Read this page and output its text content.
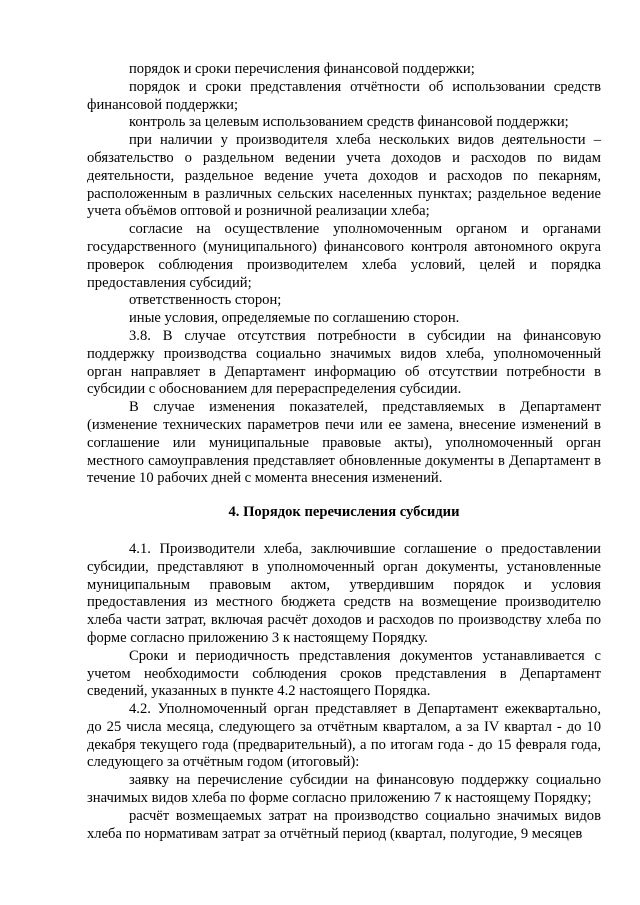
порядок и сроки перечисления финансовой поддержки;

порядок и сроки представления отчётности об использовании средств финансовой поддержки;

контроль за целевым использованием средств финансовой поддержки;

при наличии у производителя хлеба нескольких видов деятельности – обязательство о раздельном ведении учета доходов и расходов по видам деятельности, раздельное ведение учета доходов и расходов по пекарням, расположенным в различных сельских населенных пунктах; раздельное ведение учета объёмов оптовой и розничной реализации хлеба;

согласие на осуществление уполномоченным органом и органами государственного (муниципального) финансового контроля автономного округа проверок соблюдения производителем хлеба условий, целей и порядка предоставления субсидий;

ответственность сторон;

иные условия, определяемые по соглашению сторон.

3.8. В случае отсутствия потребности в субсидии на финансовую поддержку производства социально значимых видов хлеба, уполномоченный орган направляет в Департамент информацию об отсутствии потребности в субсидии с обоснованием для перераспределения субсидии.

В случае изменения показателей, представляемых в Департамент (изменение технических параметров печи или ее замена, внесение изменений в соглашение или муниципальные правовые акты), уполномоченный орган местного самоуправления представляет обновленные документы в Департамент в течение 10 рабочих дней с момента внесения изменений.

4. Порядок перечисления субсидии

4.1. Производители хлеба, заключившие соглашение о предоставлении субсидии, представляют в уполномоченный орган документы, установленные муниципальным правовым актом, утвердившим порядок и условия предоставления из местного бюджета средств на возмещение производителю хлеба части затрат, включая расчёт доходов и расходов по производству хлеба по форме согласно приложению 3 к настоящему Порядку.

Сроки и периодичность представления документов устанавливается с учетом необходимости соблюдения сроков представления в Департамент сведений, указанных в пункте 4.2 настоящего Порядка.

4.2. Уполномоченный орган представляет в Департамент ежеквартально, до 25 числа месяца, следующего за отчётным кварталом, а за IV квартал - до 10 декабря текущего года (предварительный), а по итогам года - до 15 февраля года, следующего за отчётным годом (итоговый):

заявку на перечисление субсидии на финансовую поддержку социально значимых видов хлеба по форме согласно приложению 7 к настоящему Порядку;

расчёт возмещаемых затрат на производство социально значимых видов хлеба по нормативам затрат за отчётный период (квартал, полугодие, 9 месяцев
